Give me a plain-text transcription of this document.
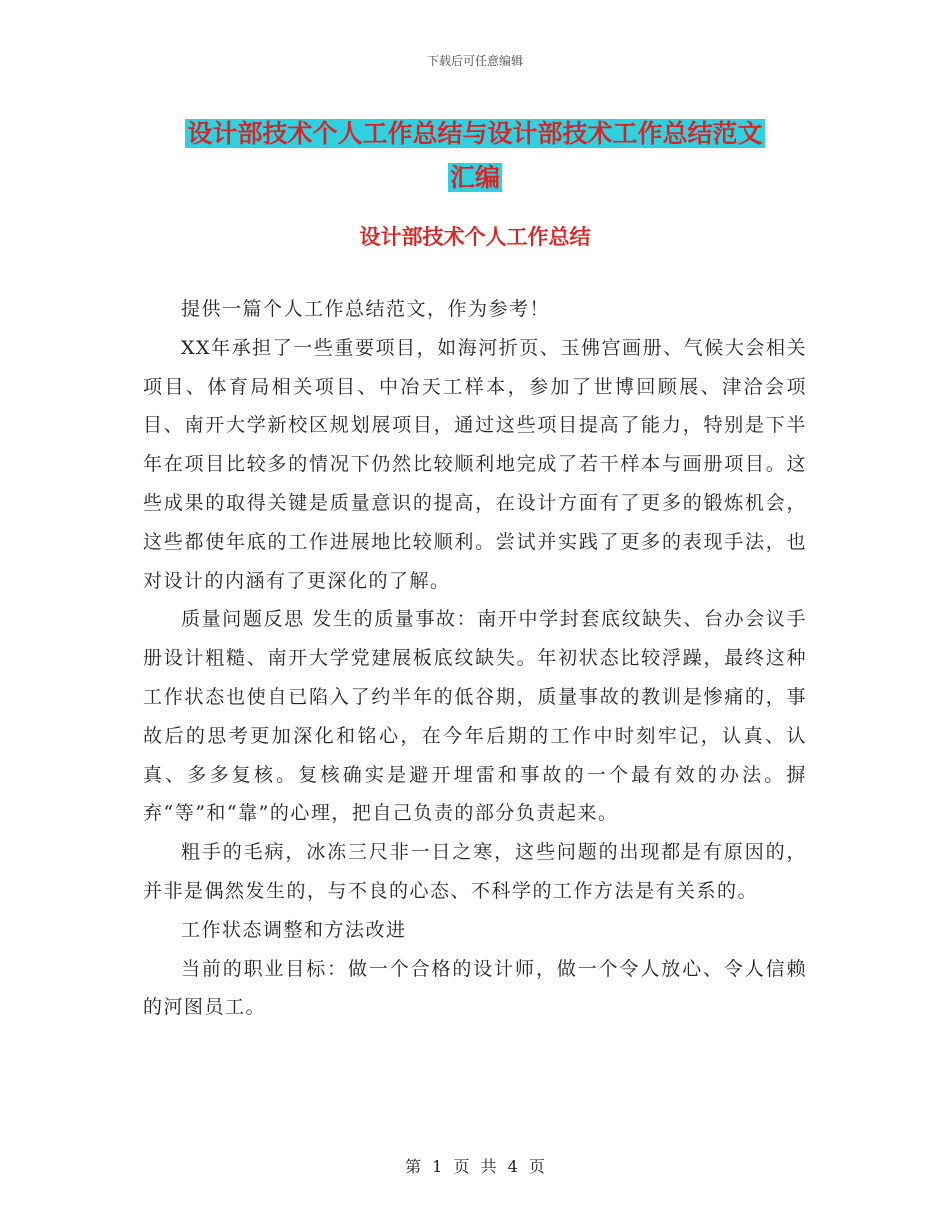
下载后可任意编辑
设计部技术个人工作总结与设计部技术工作总结范文
汇编
设计部技术个人工作总结

提供一篇个人工作总结范文，作为参考！

XX年承担了一些重要项目，如海河折页、玉佛宫画册、气候大会相关项目、体育局相关项目、中冶天工样本，参加了世博回顾展、津洽会项目、南开大学新校区规划展项目，通过这些项目提高了能力，特别是下半年在项目比较多的情况下仍然比较顺利地完成了若干样本与画册项目。这些成果的取得关键是质量意识的提高，在设计方面有了更多的锻炼机会，这些都使年底的工作进展地比较顺利。尝试并实践了更多的表现手法，也对设计的内涵有了更深化的了解。

质量问题反思 发生的质量事故：南开中学封套底纹缺失、台办会议手册设计粗糙、南开大学党建展板底纹缺失。年初状态比较浮躁，最终这种工作状态也使自已陷入了约半年的低谷期，质量事故的教训是惨痛的，事故后的思考更加深化和铭心，在今年后期的工作中时刻牢记，认真、认真、多多复核。复核确实是避开埋雷和事故的一个最有效的办法。摒弃“等”和“靠”的心理，把自己负责的部分负责起来。

粗手的毛病，冰冻三尺非一日之寒，这些问题的出现都是有原因的，并非是偶然发生的，与不良的心态、不科学的工作方法是有关系的。

工作状态调整和方法改进

当前的职业目标：做一个合格的设计师，做一个令人放心、令人信赖的河图员工。

第 1 页 共 4 页
